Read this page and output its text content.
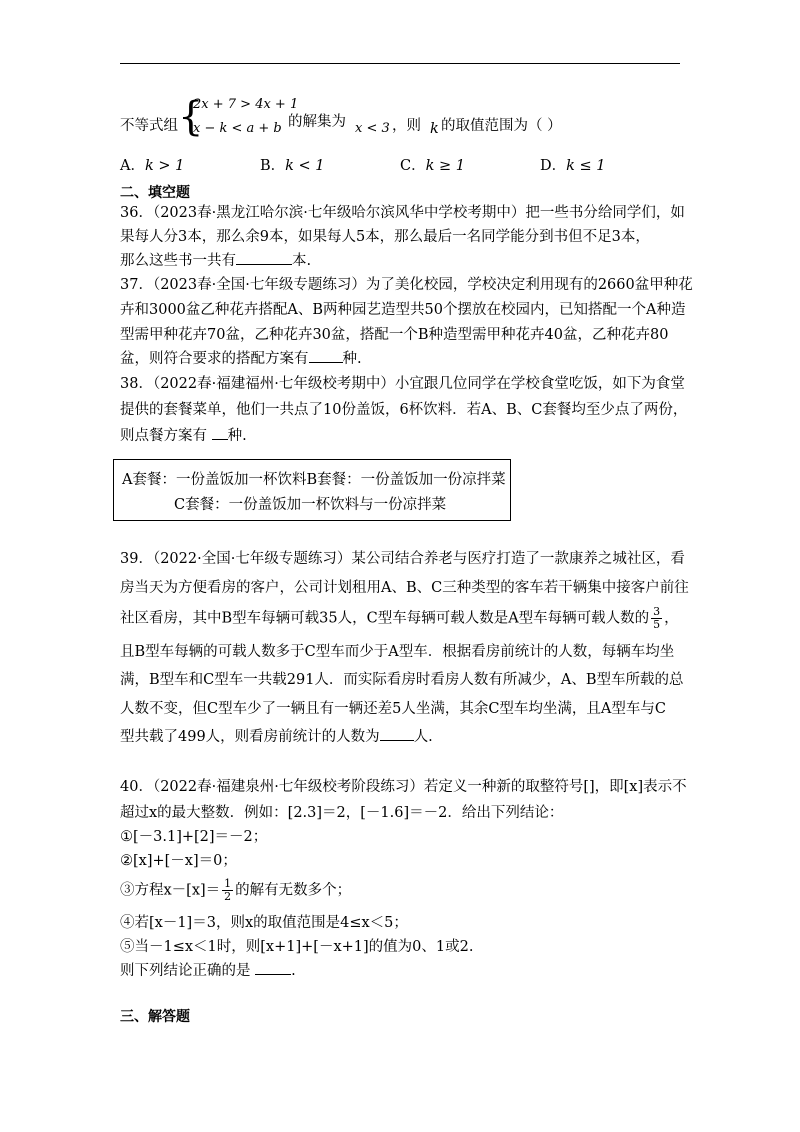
不等式组 {
2x + 7 > 4x + 1
x − k < a + b 的解集为 x < 3 ，则 k 的取值范围为（ ）
A．k > 1	B．k < 1	C．k ≥ 1	D．k ≤ 1
二、填空题
36．（2023春·黑龙江哈尔滨·七年级哈尔滨风华中学校考期中）把一些书分给同学们，如
果每人分3本，那么余9本，如果每人5本，那么最后一名同学能分到书但不足3本，
那么这些书一共有	本.
37．（2023春·全国·七年级专题练习）为了美化校园，学校决定利用现有的2660盆甲种花
卉和3000盆乙种花卉搭配A、B两种园艺造型共50个摆放在校园内，已知搭配一个A种造
型需甲种花卉70盆，乙种花卉30盆，搭配一个B种造型需甲种花卉40盆，乙种花卉80
盆，则符合要求的搭配方案有 种.
38．（2022春·福建福州·七年级校考期中）小宜跟几位同学在学校食堂吃饭，如下为食堂
提供的套餐菜单，他们一共点了10份盖饭，6杯饮料．若A、B、C套餐均至少点了两份，
则点餐方案有 种.
A套餐：一份盖饭加一杯饮料B套餐：一份盖饭加一份凉拌菜
C套餐：一份盖饭加一杯饮料与一份凉拌菜
39．（2022·全国·七年级专题练习）某公司结合养老与医疗打造了一款康养之城社区，看
房当天为方便看房的客户，公司计划租用A、B、C三种类型的客车若干辆集中接客户前往
社区看房，其中B型车每辆可载35人，C型车每辆可载人数是A型车每辆可载人数的 $\frac{3}{5}$ ，
且B型车每辆的可载人数多于C型车而少于A型车．根据看房前统计的人数，每辆车均坐
满，B型车和C型车一共载291人．而实际看房时看房人数有所减少，A、B型车所载的总
人数不变，但C型车少了一辆且有一辆还差5人坐满，其余C型车均坐满，且A型车与C
型共载了499人，则看房前统计的人数为 人.
40．（2022春·福建泉州·七年级校考阶段练习）若定义一种新的取整符号[]，即[x]表示不
超过x的最大整数．例如：[2.3]＝2，[－1.6]＝－2．给出下列结论：
①[－3.1]+[2]＝－2；
②[x]+[－x]＝0；
③方程$x-[x]= \frac{1}{2}$ 的解有无数多个；
④若[x－1]＝3，则x的取值范围是4≤x＜5；
⑤当－1≤x＜1时，则[x+1]+[－x+1]的值为0、1或2.
则下列结论正确的是 .
三、解答题
